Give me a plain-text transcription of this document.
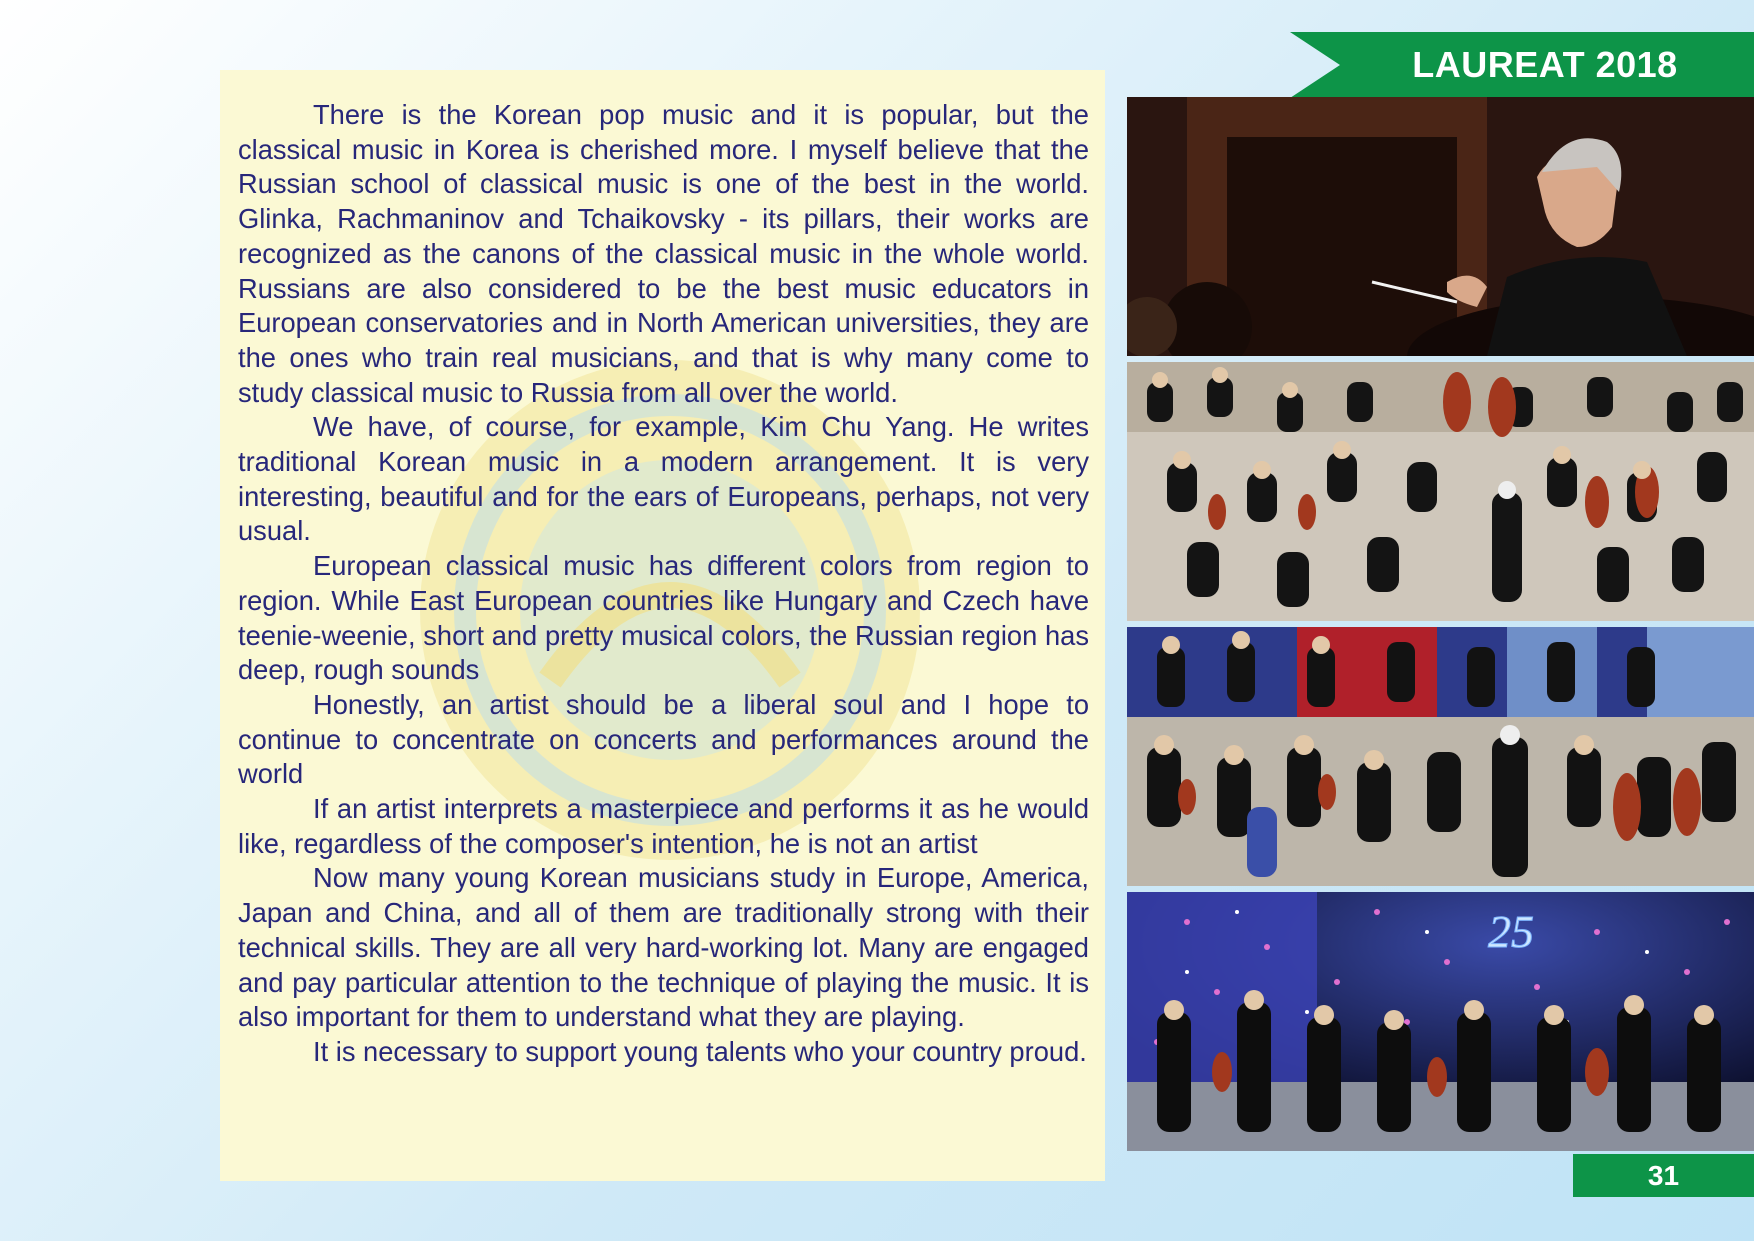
LAUREAT 2018

There is the Korean pop music and it is popular, but the classical music in Korea is cherished more. I myself believe that the Russian school of classical music is one of the best in the world. Glinka, Rachmaninov and Tchaikovsky - its pillars, their works are recognized as the canons of the classical music in the whole world. Russians are also considered to be the best music educators in European conservatories and in North American universities, they are the ones who train real musicians, and that is why many come to study classical music to Russia from all over the world.

We have, of course, for example, Kim Chu Yang. He writes traditional Korean music in a modern arrangement. It is very interesting, beautiful and for the ears of Europeans, perhaps, not very usual.

European classical music has different colors from region to region. While East European countries like Hungary and Czech have teenie-weenie, short and pretty musical colors, the Russian region has deep, rough sounds

Honestly, an artist should be a liberal soul and I hope to continue to concentrate on concerts and performances around the world

If an artist interprets a masterpiece and performs it as he would like, regardless of the composer's intention, he is not an artist

Now many young Korean musicians study in Europe, America, Japan and China, and all of them are traditionally strong with their technical skills. They are all very hard-working lot. Many are engaged and pay particular attention to the technique of playing the music. It is also important for them to understand what they are playing.

It is necessary to support young talents who your country proud.

25
31
